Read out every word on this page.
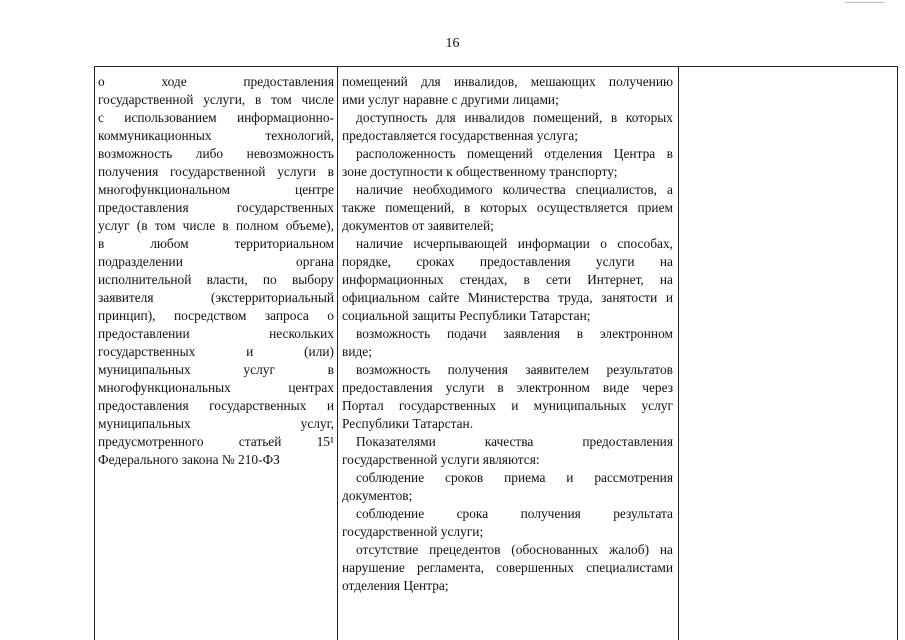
16
о ходе предоставления
государственной услуги, в том числе
с использованием информационно-
коммуникационных технологий,
возможность либо невозможность
получения государственной услуги в
многофункциональном центре
предоставления государственных
услуг (в том числе в полном объеме),
в любом территориальном
подразделении органа
исполнительной власти, по выбору
заявителя (экстерриториальный
принцип), посредством запроса о
предоставлении нескольких
государственных и (или)
муниципальных услуг в
многофункциональных центрах
предоставления государственных и
муниципальных услуг,
предусмотренного статьей 15¹
Федерального закона № 210-ФЗ
помещений для инвалидов, мешающих получению
ими услуг наравне с другими лицами;
доступность для инвалидов помещений, в которых
предоставляется государственная услуга;
расположенность помещений отделения Центра в
зоне доступности к общественному транспорту;
наличие необходимого количества специалистов, а
также помещений, в которых осуществляется прием
документов от заявителей;
наличие исчерпывающей информации о способах,
порядке, сроках предоставления услуги на
информационных стендах, в сети Интернет, на
официальном сайте Министерства труда, занятости и
социальной защиты Республики Татарстан;
возможность подачи заявления в электронном
виде;
возможность получения заявителем результатов
предоставления услуги в электронном виде через
Портал государственных и муниципальных услуг
Республики Татарстан.
Показателями качества предоставления
государственной услуги являются:
соблюдение сроков приема и рассмотрения
документов;
соблюдение срока получения результата
государственной услуги;
отсутствие прецедентов (обоснованных жалоб) на
нарушение регламента, совершенных специалистами
отделения Центра;
